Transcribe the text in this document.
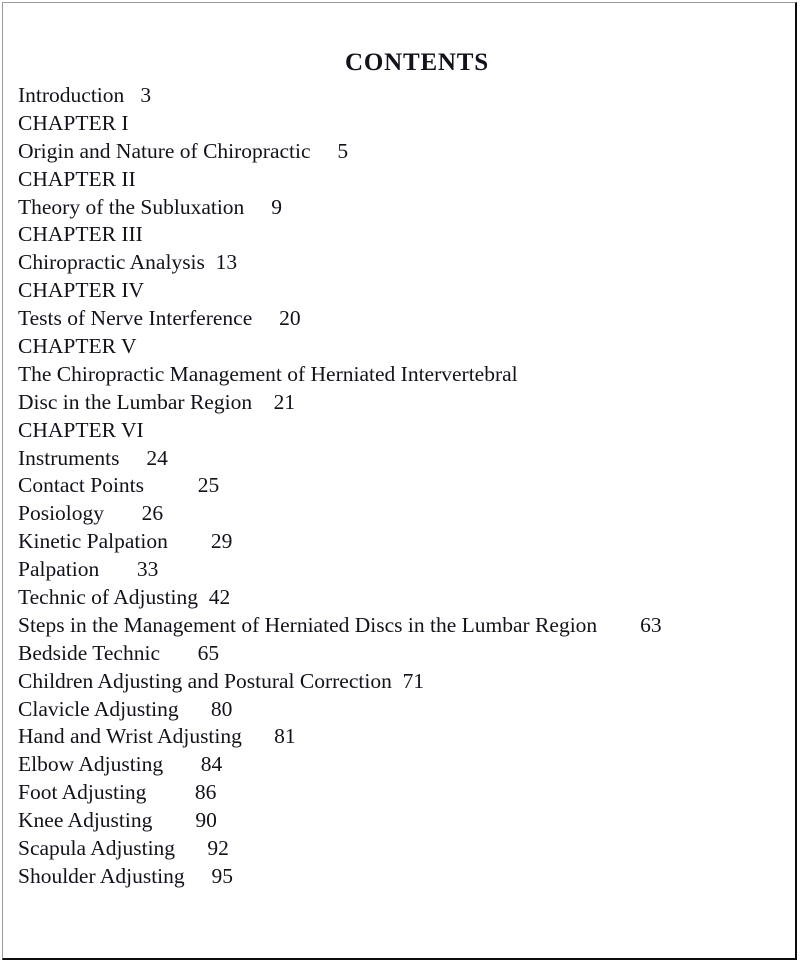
CONTENTS
Introduction 3
CHAPTER I
Origin and Nature of Chiropractic 5
CHAPTER II
Theory of the Subluxation 9
CHAPTER III
Chiropractic Analysis 13
CHAPTER IV
Tests of Nerve Interference 20
CHAPTER V
The Chiropractic Management of Herniated Intervertebral
Disc in the Lumbar Region 21
CHAPTER VI
Instruments 24
Contact Points	25
Posiology 26
Kinetic Palpation 29
Palpation 33
Technic of Adjusting 42
Steps in the Management of Herniated Discs in the Lumbar Region 63
Bedside Technic 65
Children Adjusting and Postural Correction 71
Clavicle Adjusting 80
Hand and Wrist Adjusting 81
Elbow Adjusting 84
Foot Adjusting 86
Knee Adjusting 90
Scapula Adjusting 92
Shoulder Adjusting 95
